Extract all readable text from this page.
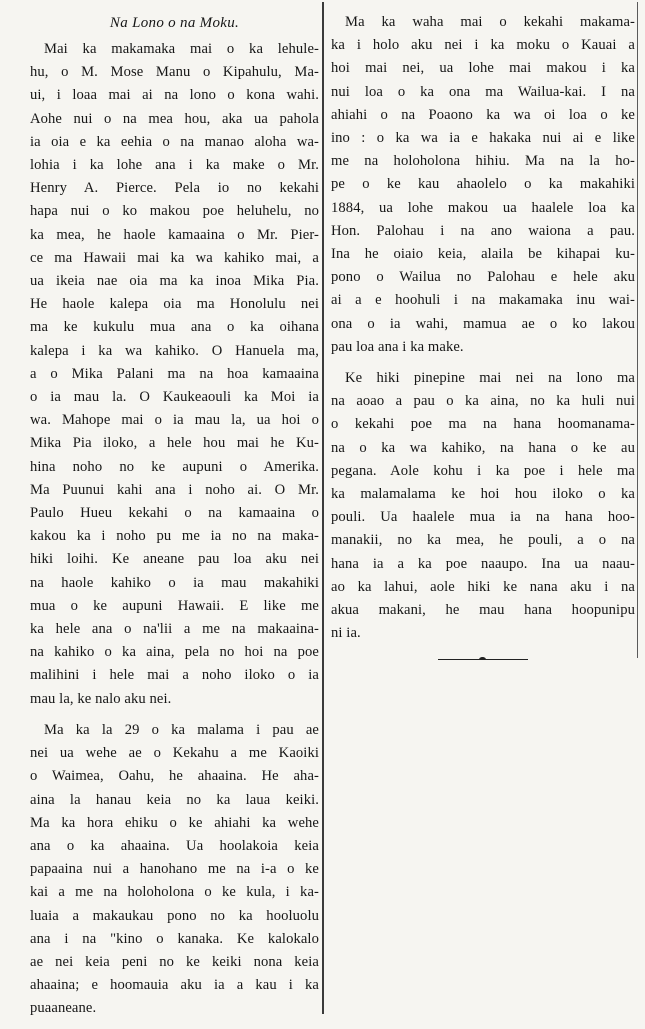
Na Lono o na Moku.

Mai ka makamaka mai o ka lehule-

hu, o M. Mose Manu o Kipahulu, Ma-

ui, i loaa mai ai na lono o kona wahi.

Aohe nui o na mea hou, aka ua pahola

ia oia e ka eehia o na manao aloha wa-

lohia i ka lohe ana i ka make o Mr.

Henry A. Pierce. Pela io no kekahi

hapa nui o ko makou poe heluhelu, no

ka mea, he haole kamaaina o Mr. Pier-

ce ma Hawaii mai ka wa kahiko mai, a

ua ikeia nae oia ma ka inoa Mika Pia.

He haole kalepa oia ma Honolulu nei

ma ke kukulu mua ana o ka oihana

kalepa i ka wa kahiko. O Hanuela ma,

a o Mika Palani ma na hoa kamaaina

o ia mau la. O Kaukeaouli ka Moi ia

wa. Mahope mai o ia mau la, ua hoi o

Mika Pia iloko, a hele hou mai he Ku-

hina noho no ke aupuni o Amerika.

Ma Puunui kahi ana i noho ai. O Mr.

Paulo Hueu kekahi o na kamaaina o

kakou ka i noho pu me ia no na maka-

hiki loihi. Ke aneane pau loa aku nei

na haole kahiko o ia mau makahiki

mua o ke aupuni Hawaii. E like me

ka hele ana o na'lii a me na makaaina-

na kahiko o ka aina, pela no hoi na poe

malihini i hele mai a noho iloko o ia

mau la, ke nalo aku nei.

Ma ka la 29 o ka malama i pau ae

nei ua wehe ae o Kekahu a me Kaoiki

o Waimea, Oahu, he ahaaina. He aha-

aina la hanau keia no ka laua keiki.

Ma ka hora ehiku o ke ahiahi ka wehe

ana o ka ahaaina. Ua hoolakoia keia

papaaina nui a hanohano me na i-a o ke

kai a me na holoholona o ke kula, i ka-

luaia a makaukau pono no ka hooluolu

ana i na "kino o kanaka. Ke kalokalo

ae nei keia peni no ke keiki nona keia

ahaaina; e hoomauia aku ia a kau i ka

puaaneane.

Ma ka waha mai o kekahi makama-

ka i holo aku nei i ka moku o Kauai a

hoi mai nei, ua lohe mai makou i ka

nui loa o ka ona ma Wailua-kai. I na

ahiahi o na Poaono ka wa oi loa o ke

ino : o ka wa ia e hakaka nui ai e like

me na holoholona hihiu. Ma na la ho-

pe o ke kau ahaolelo o ka makahiki

1884, ua lohe makou ua haalele loa ka

Hon. Palohau i na ano waiona a pau.

Ina he oiaio keia, alaila be kihapai ku-

pono o Wailua no Palohau e hele aku

ai a e hoohuli i na makamaka inu wai-

ona o ia wahi, mamua ae o ko lakou

pau loa ana i ka make.

Ke hiki pinepine mai nei na lono ma

na aoao a pau o ka aina, no ka huli nui

o kekahi poe ma na hana hoomanama-

na o ka wa kahiko, na hana o ke au

pegana. Aole kohu i ka poe i hele ma

ka malamalama ke hoi hou iloko o ka

pouli. Ua haalele mua ia na hana hoo-

manakii, no ka mea, he pouli, a o na

hana ia a ka poe naaupo. Ina ua naau-

ao ka lahui, aole hiki ke nana aku i na

akua makani, he mau hana hoopunipu

ni ia.
